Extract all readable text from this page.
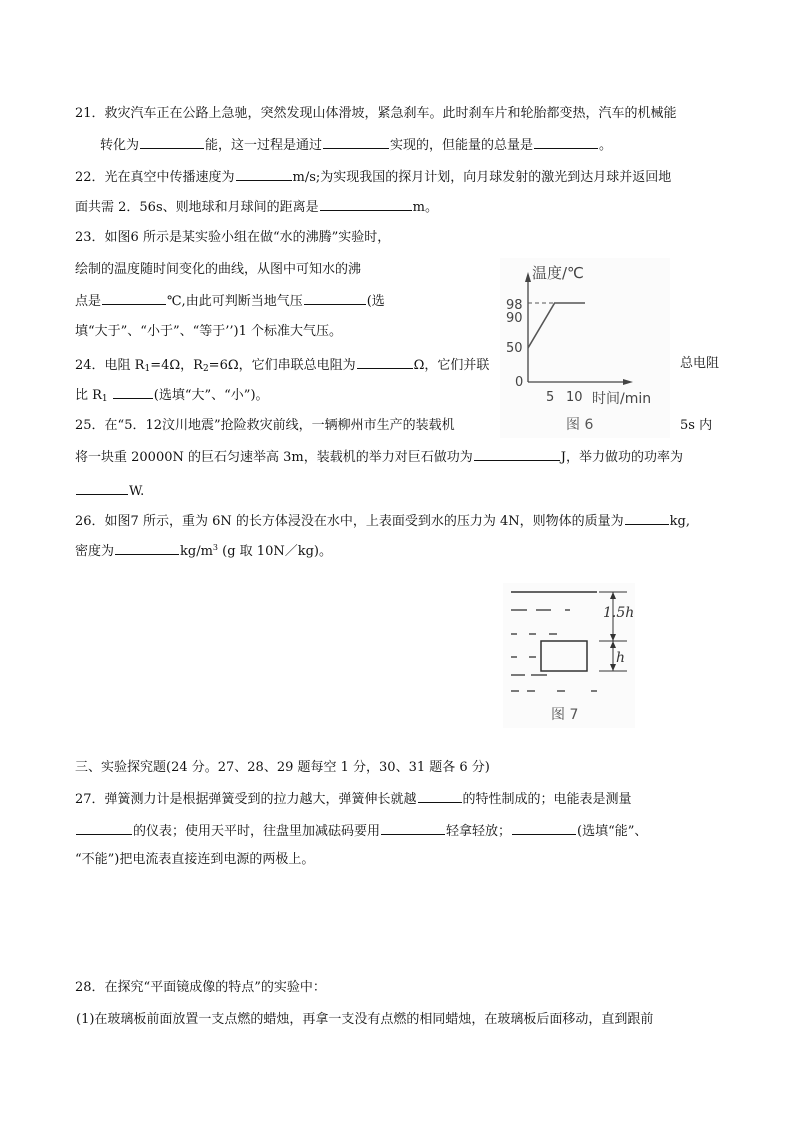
21．救灾汽车正在公路上急驰，突然发现山体滑坡，紧急刹车。此时刹车片和轮胎都变热，汽车的机械能
转化为	能，这一过程是通过	实现的，但能量的总量是	。
22．光在真空中传播速度为	m/s;为实现我国的探月计划，向月球发射的激光到达月球并返回地
面共需 2．56s、则地球和月球间的距离是	m。
23．如图6 所示是某实验小组在做“水的沸腾”实验时，
绘制的温度随时间变化的曲线，从图中可知水的沸
点是	℃,由此可判断当地气压	(选
填“大于”、“小于”、“等于’’)1 个标准大气压。
24．电阻 $R_1=4\Omega$，$R_2=6\Omega$，它们串联总电阻为	Ω，它们并联	总电阻
比 $R_1$	(选填“大”、“小”)。
25．在“5．12汶川地震”抢险救灾前线，一辆柳州市生产的装载机	5s 内
将一块重 20000N 的巨石匀速举高 3m，装载机的举力对巨石做功为	J，举力做功的功率为
W.
26．如图7 所示，重为 6N 的长方体浸没在水中，上表面受到水的压力为 4N，则物体的质量为	kg,
密度为	$kg/m^3$ (g 取 10N／kg)。
温度/℃
98
90
50
0
5 10 时间/min
图 6
1.5h
h
图 7
三、实验探究题(24 分。27、28、29 题每空 1 分，30、31 题各 6 分)
27．弹簧测力计是根据弹簧受到的拉力越大，弹簧伸长就越	的特性制成的；电能表是测量
的仪表；使用天平时，往盘里加减砝码要用	轻拿轻放；	(选填“能”、
“不能”)把电流表直接连到电源的两极上。
28．在探究“平面镜成像的特点”的实验中：
(1)在玻璃板前面放置一支点燃的蜡烛，再拿一支没有点燃的相同蜡烛，在玻璃板后面移动，直到跟前
